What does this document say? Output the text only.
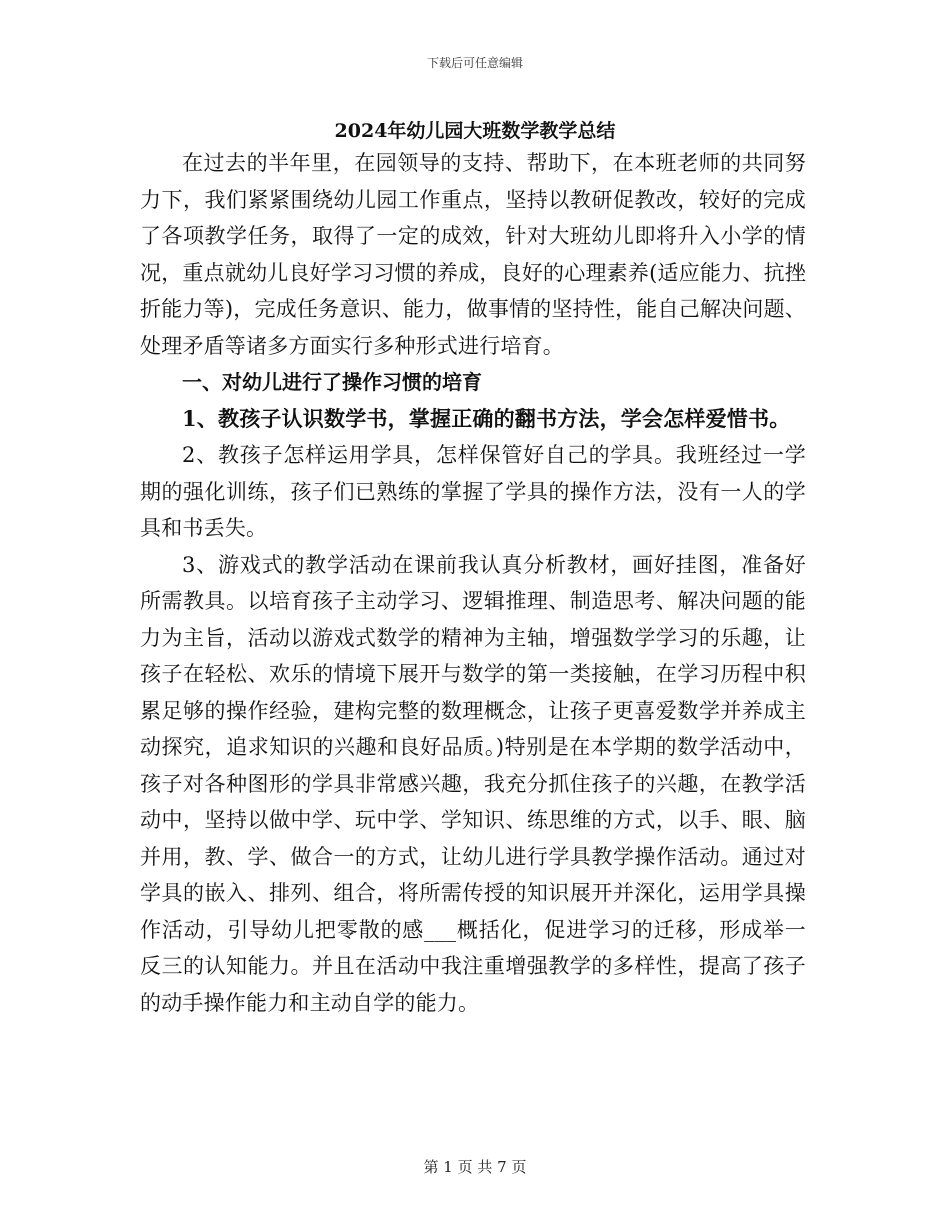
下载后可任意编辑
2024年幼儿园大班数学教学总结

在过去的半年里，在园领导的支持、帮助下，在本班老师的共同努力下，我们紧紧围绕幼儿园工作重点，坚持以教研促教改，较好的完成了各项教学任务，取得了一定的成效，针对大班幼儿即将升入小学的情况，重点就幼儿良好学习习惯的养成，良好的心理素养(适应能力、抗挫折能力等)，完成任务意识、能力，做事情的坚持性，能自己解决问题、处理矛盾等诸多方面实行多种形式进行培育。

一、对幼儿进行了操作习惯的培育

1、教孩子认识数学书，掌握正确的翻书方法，学会怎样爱惜书。

2、教孩子怎样运用学具，怎样保管好自己的学具。我班经过一学期的强化训练，孩子们已熟练的掌握了学具的操作方法，没有一人的学具和书丢失。

3、游戏式的教学活动在课前我认真分析教材，画好挂图，准备好所需教具。以培育孩子主动学习、逻辑推理、制造思考、解决问题的能力为主旨，活动以游戏式数学的精神为主轴，增强数学学习的乐趣，让孩子在轻松、欢乐的情境下展开与数学的第一类接触，在学习历程中积累足够的操作经验，建构完整的数理概念，让孩子更喜爱数学并养成主动探究，追求知识的兴趣和良好品质。)特别是在本学期的数学活动中，孩子对各种图形的学具非常感兴趣，我充分抓住孩子的兴趣，在教学活动中，坚持以做中学、玩中学、学知识、练思维的方式，以手、眼、脑并用，教、学、做合一的方式，让幼儿进行学具教学操作活动。通过对学具的嵌入、排列、组合，将所需传授的知识展开并深化，运用学具操作活动，引导幼儿把零散的感___概括化，促进学习的迁移，形成举一反三的认知能力。并且在活动中我注重增强教学的多样性，提高了孩子的动手操作能力和主动自学的能力。

第 1 页 共 7 页
